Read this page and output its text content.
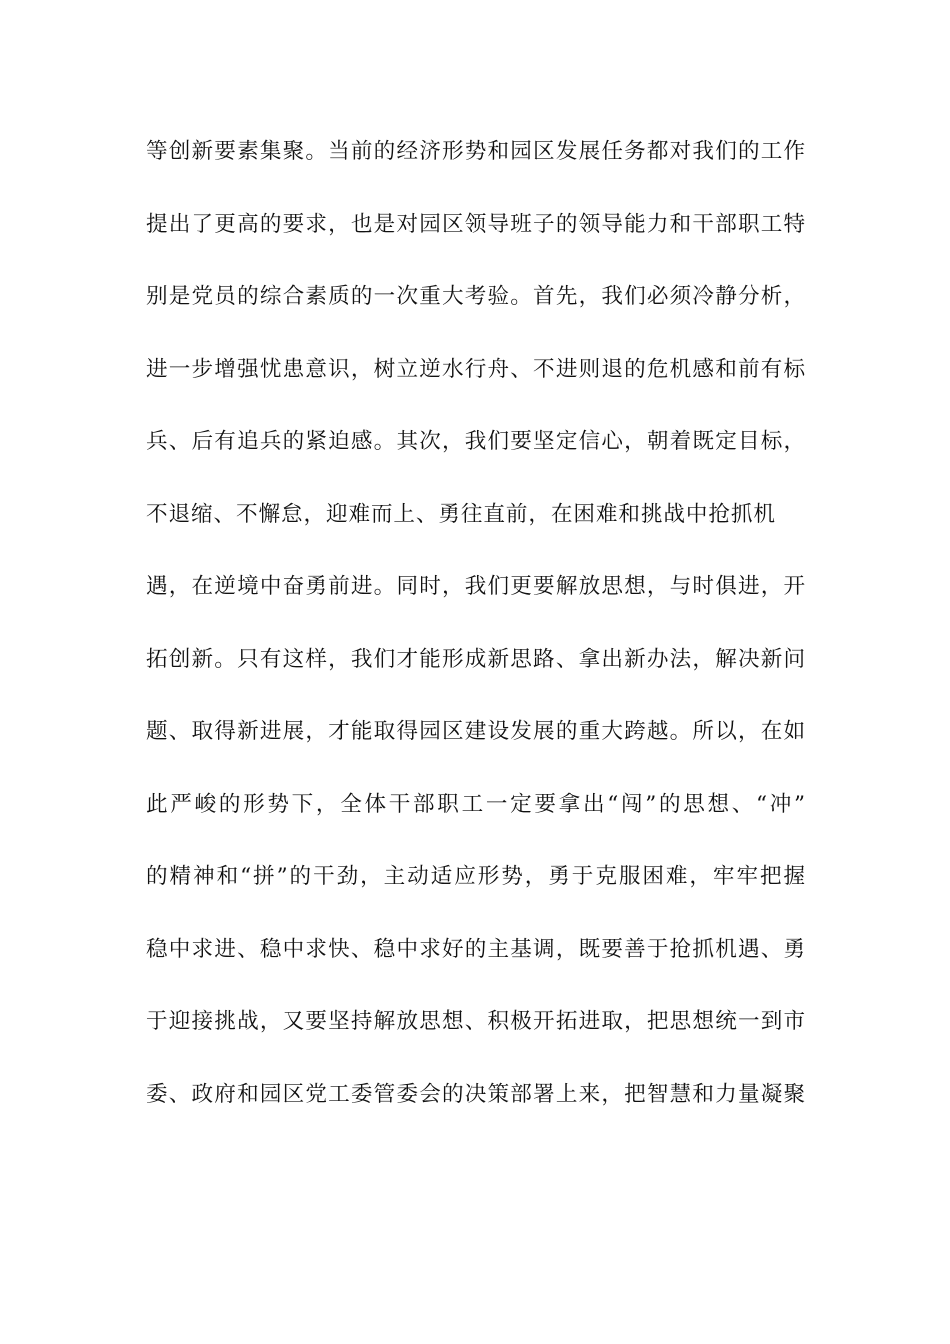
等创新要素集聚。当前的经济形势和园区发展任务都对我们的工作
提出了更高的要求，也是对园区领导班子的领导能力和干部职工特
别是党员的综合素质的一次重大考验。首先，我们必须冷静分析，
进一步增强忧患意识，树立逆水行舟、不进则退的危机感和前有标
兵、后有追兵的紧迫感。其次，我们要坚定信心，朝着既定目标，
不退缩、不懈怠，迎难而上、勇往直前，在困难和挑战中抢抓机
遇，在逆境中奋勇前进。同时，我们更要解放思想，与时俱进，开
拓创新。只有这样，我们才能形成新思路、拿出新办法，解决新问
题、取得新进展，才能取得园区建设发展的重大跨越。所以，在如
此严峻的形势下，全体干部职工一定要拿出“闯”的思想、“冲”
的精神和“拼”的干劲，主动适应形势，勇于克服困难，牢牢把握
稳中求进、稳中求快、稳中求好的主基调，既要善于抢抓机遇、勇
于迎接挑战，又要坚持解放思想、积极开拓进取，把思想统一到市
委、政府和园区党工委管委会的决策部署上来，把智慧和力量凝聚
